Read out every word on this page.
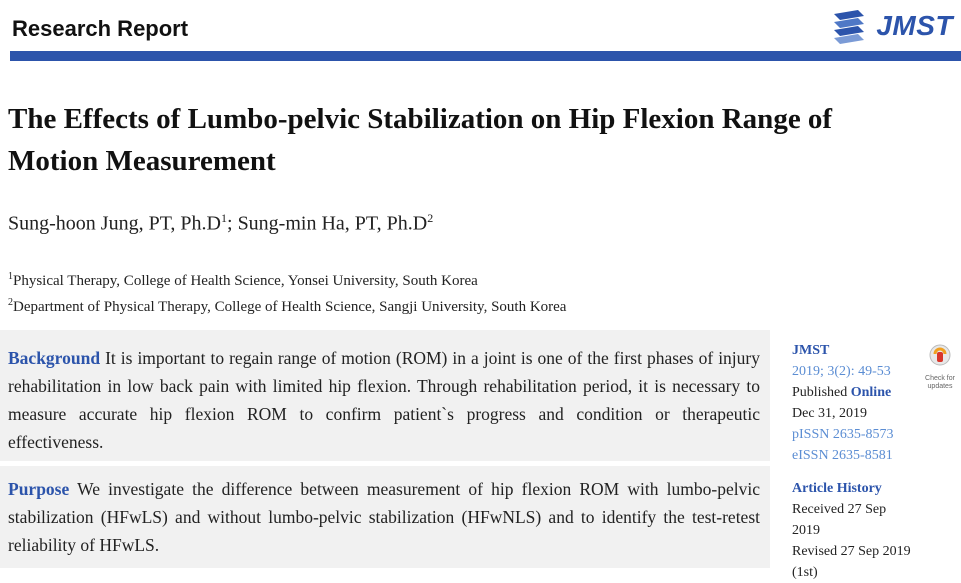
Research Report	JMST
The Effects of Lumbo-pelvic Stabilization on Hip Flexion Range of Motion Measurement
Sung-hoon Jung, PT, $Ph.D^1$; Sung-min Ha, PT, $Ph.D^2$
$^1$Physical Therapy, College of Health Science, Yonsei University, South Korea
$^2$Department of Physical Therapy, College of Health Science, Sangji University, South Korea

Background It is important to regain range of motion (ROM) in a joint is one of the first phases of injury rehabilitation in low back pain with limited hip flexion. Through rehabilitation period, it is necessary to measure accurate hip flexion ROM to confirm patient`s progress and condition or therapeutic effectiveness.

Purpose We investigate the difference between measurement of hip flexion ROM with lumbo-pelvic stabilization (HFwLS) and without lumbo-pelvic stabilization (HFwNLS) and to identify the test-retest reliability of HFwLS.

JMST
2019; 3(2): 49-53
Published Online
Dec 31, 2019
pISSN 2635-8573
eISSN 2635-8581
Article History
Received 27 Sep 2019
Revised 27 Sep 2019
(1st)
Check for updates
